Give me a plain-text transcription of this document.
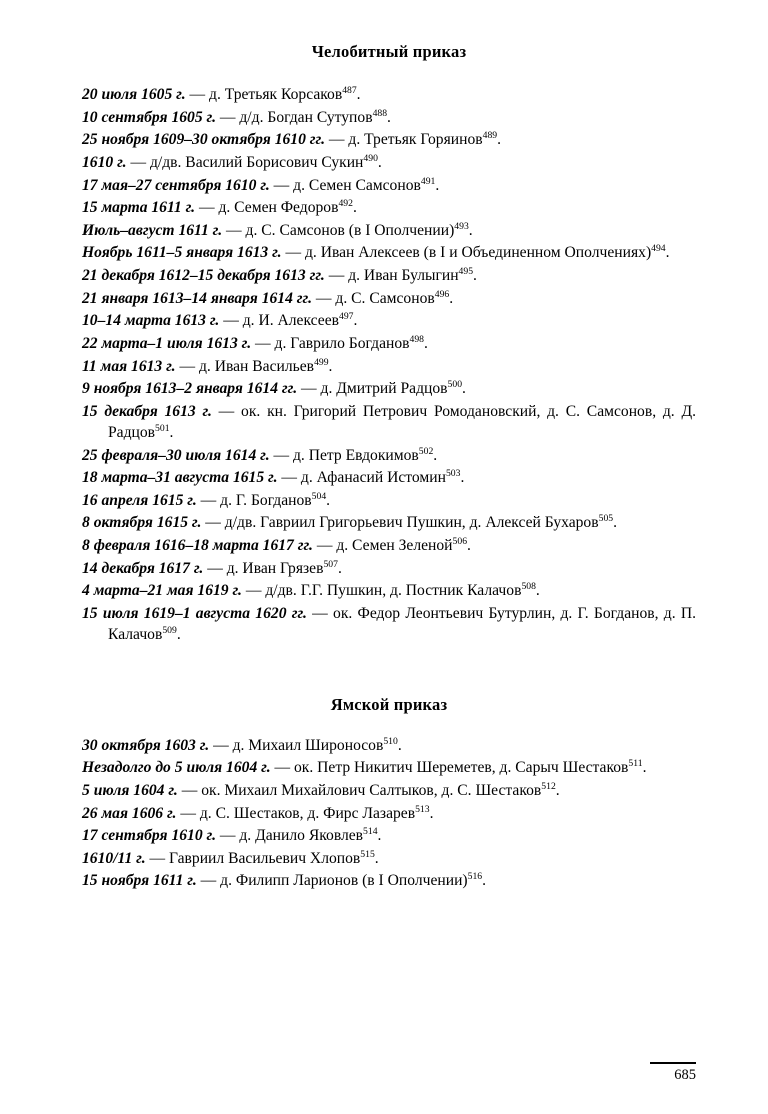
Челобитный приказ

20 июля 1605 г. — д. Третьяк Корсаков$^{487}$.

10 сентября 1605 г. — д/д. Богдан Сутупов$^{488}$.

25 ноября 1609–30 октября 1610 гг. — д. Третьяк Горяинов$^{489}$.

1610 г. — д/дв. Василий Борисович Сукин$^{490}$.

17 мая–27 сентября 1610 г. — д. Семен Самсонов$^{491}$.

15 марта 1611 г. — д. Семен Федоров$^{492}$.

Июль–август 1611 г. — д. С. Самсонов (в I Ополчении)$^{493}$.

Ноябрь 1611–5 января 1613 г. — д. Иван Алексеев (в I и Объединенном Ополчениях)$^{494}$.

21 декабря 1612–15 декабря 1613 гг. — д. Иван Булыгин$^{495}$.

21 января 1613–14 января 1614 гг. — д. С. Самсонов$^{496}$.

10–14 марта 1613 г. — д. И. Алексеев$^{497}$.

22 марта–1 июля 1613 г. — д. Гаврило Богданов$^{498}$.

11 мая 1613 г. — д. Иван Васильев$^{499}$.

9 ноября 1613–2 января 1614 гг. — д. Дмитрий Радцов$^{500}$.

15 декабря 1613 г. — ок. кн. Григорий Петрович Ромодановский, д. С. Самсонов, д. Д. Радцов$^{501}$.

25 февраля–30 июля 1614 г. — д. Петр Евдокимов$^{502}$.

18 марта–31 августа 1615 г. — д. Афанасий Истомин$^{503}$.

16 апреля 1615 г. — д. Г. Богданов$^{504}$.

8 октября 1615 г. — д/дв. Гавриил Григорьевич Пушкин, д. Алексей Бухаров$^{505}$.

8 февраля 1616–18 марта 1617 гг. — д. Семен Зеленой$^{506}$.

14 декабря 1617 г. — д. Иван Грязев$^{507}$.

4 марта–21 мая 1619 г. — д/дв. Г.Г. Пушкин, д. Постник Калачов$^{508}$.

15 июля 1619–1 августа 1620 гг. — ок. Федор Леонтьевич Бутурлин, д. Г. Богданов, д. П. Калачов$^{509}$.

Ямской приказ

30 октября 1603 г. — д. Михаил Широносов$^{510}$.

Незадолго до 5 июля 1604 г. — ок. Петр Никитич Шереметев, д. Сарыч Шестаков$^{511}$.

5 июля 1604 г. — ок. Михаил Михайлович Салтыков, д. С. Шестаков$^{512}$.

26 мая 1606 г. — д. С. Шестаков, д. Фирс Лазарев$^{513}$.

17 сентября 1610 г. — д. Данило Яковлев$^{514}$.

1610/11 г. — Гавриил Васильевич Хлопов$^{515}$.

15 ноября 1611 г. — д. Филипп Ларионов (в I Ополчении)$^{516}$.

685
